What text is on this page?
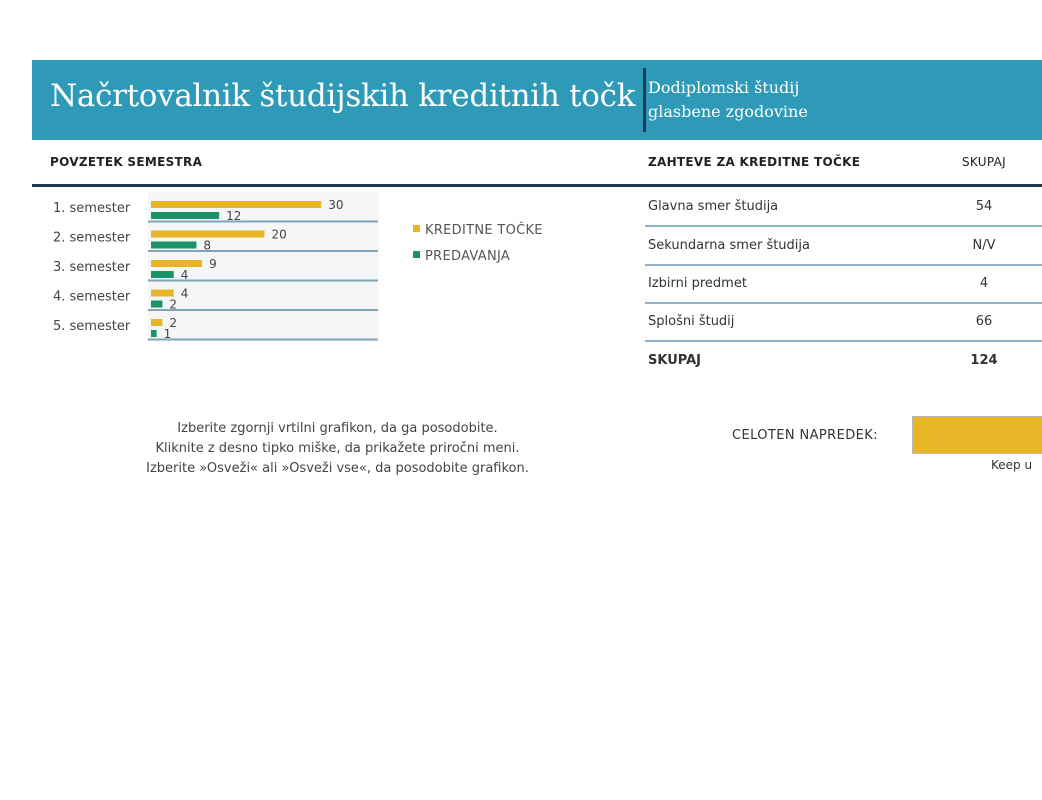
Načrtovalnik študijskih kreditnih točk Dodiplomski študij
glasbene zgodovine
POVZETEK SEMESTRA	ZAHTEVE ZA KREDITNE TOČKE	SKUPAJ
1. semester	30
12
2. semester	20
8
3. semester	9
4
4. semester	4
2
5. semester	2
1
KREDITNE TOČKE
PREDAVANJA
Glavna smer študija	54
Sekundarna smer študija	N/V
Izbirni predmet	4
Splošni študij	66
SKUPAJ	124
Izberite zgornji vrtilni grafikon, da ga posodobite.
Kliknite z desno tipko miške, da prikažete priročni meni.
Izberite »Osveži« ali »Osveži vse«, da posodobite grafikon.
CELOTEN NAPREDEK:
Keep u
